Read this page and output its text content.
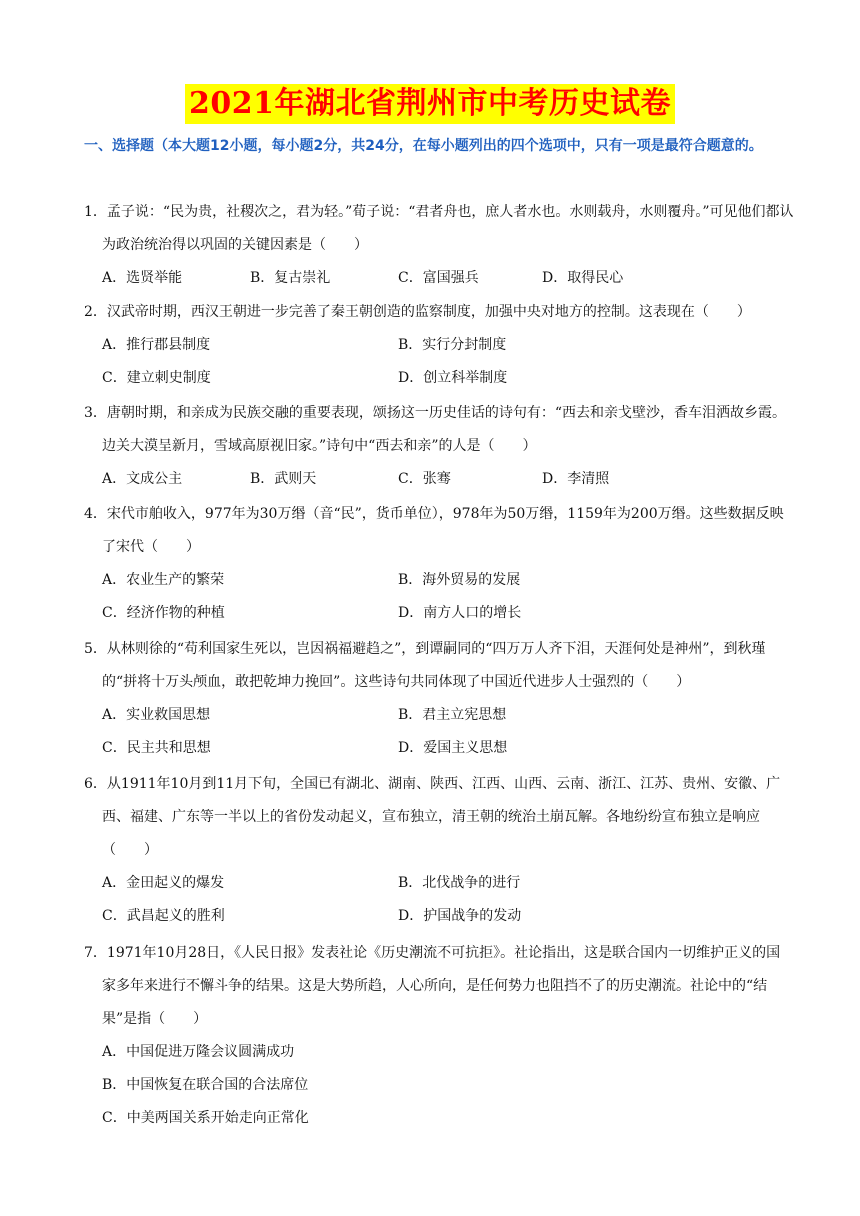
2021年湖北省荆州市中考历史试卷
一、选择题（本大题12小题，每小题2分，共24分，在每小题列出的四个选项中，只有一项是最符合题意的。
1．孟子说：“民为贵，社稷次之，君为轻。”荀子说：“君者舟也，庶人者水也。水则载舟，水则覆舟。”可见他们都认为政治统治得以巩固的关键因素是（　　）
A．选贤举能	B．复古崇礼	C．富国强兵	D．取得民心
2．汉武帝时期，西汉王朝进一步完善了秦王朝创造的监察制度，加强中央对地方的控制。这表现在（　　）
A．推行郡县制度	B．实行分封制度
C．建立刺史制度	D．创立科举制度
3．唐朝时期，和亲成为民族交融的重要表现，颂扬这一历史佳话的诗句有：“西去和亲戈壁沙，香车泪洒故乡霞。边关大漠呈新月，雪域高原视旧家。”诗句中“西去和亲”的人是（　　）
A．文成公主	B．武则天	C．张骞	D．李清照
4．宋代市舶收入，977年为30万缗（音“民”，货币单位），978年为50万缗，1159年为200万缗。这些数据反映了宋代（　　）
A．农业生产的繁荣	B．海外贸易的发展
C．经济作物的种植	D．南方人口的增长
5．从林则徐的“苟利国家生死以，岂因祸福避趋之”，到谭嗣同的“四万万人齐下泪，天涯何处是神州”，到秋瑾的“拼将十万头颅血，敢把乾坤力挽回”。这些诗句共同体现了中国近代进步人士强烈的（　　）
A．实业救国思想	B．君主立宪思想
C．民主共和思想	D．爱国主义思想
6．从1911年10月到11月下旬，全国已有湖北、湖南、陕西、江西、山西、云南、浙江、江苏、贵州、安徽、广西、福建、广东等一半以上的省份发动起义，宣布独立，清王朝的统治土崩瓦解。各地纷纷宣布独立是响应（　　）
A．金田起义的爆发	B．北伐战争的进行
C．武昌起义的胜利	D．护国战争的发动
7．1971年10月28日，《人民日报》发表社论《历史潮流不可抗拒》。社论指出，这是联合国内一切维护正义的国家多年来进行不懈斗争的结果。这是大势所趋，人心所向，是任何势力也阻挡不了的历史潮流。社论中的“结果”是指（　　）
A．中国促进万隆会议圆满成功
B．中国恢复在联合国的合法席位
C．中美两国关系开始走向正常化
